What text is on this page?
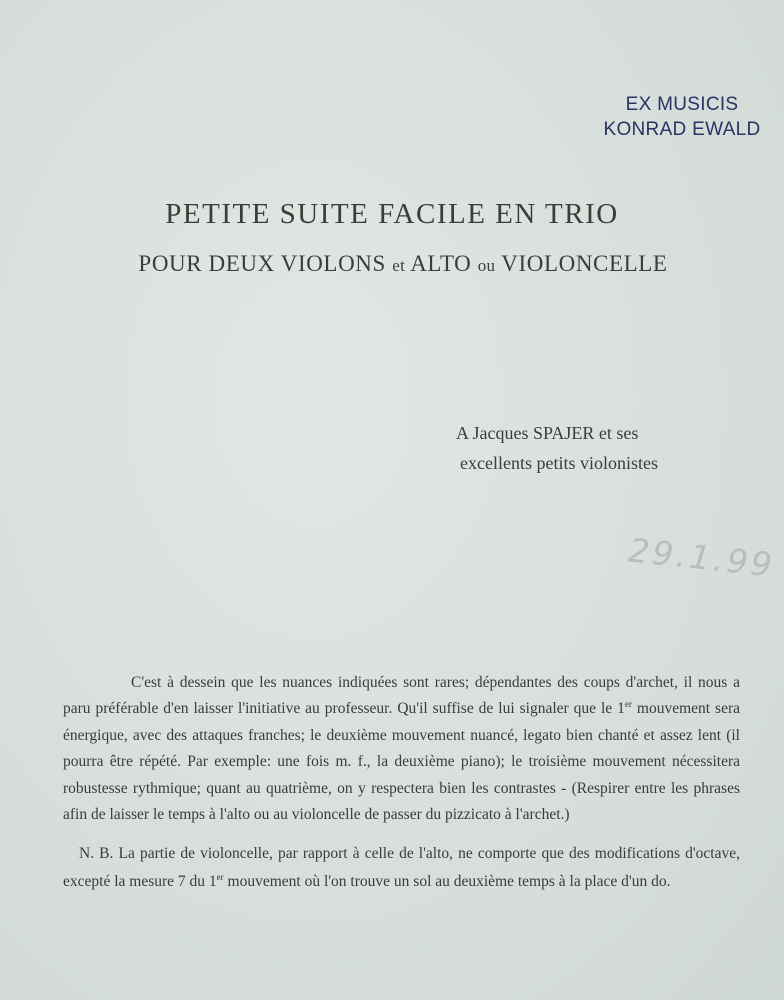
EX MUSICIS
KONRAD EWALD
PETITE SUITE FACILE EN TRIO
POUR DEUX VIOLONS et ALTO ou VIOLONCELLE
A Jacques SPAJER et ses
excellents petits violonistes
29.1.99

C'est à dessein que les nuances indiquées sont rares; dépendantes des coups d'archet, il nous a paru préférable d'en laisser l'initiative au professeur. Qu'il suffise de lui signaler que le 1er mouvement sera énergique, avec des attaques franches; le deuxième mouvement nuancé, legato bien chanté et assez lent (il pourra être répété. Par exemple: une fois m. f., la deuxième piano); le troisième mouvement nécessitera robustesse rythmique; quant au quatrième, on y respectera bien les contrastes - (Respirer entre les phrases afin de laisser le temps à l'alto ou au violoncelle de passer du pizzicato à l'archet.)

N. B. La partie de violoncelle, par rapport à celle de l'alto, ne comporte que des modifications d'octave, excepté la mesure 7 du 1er mouvement où l'on trouve un sol au deuxième temps à la place d'un do.
